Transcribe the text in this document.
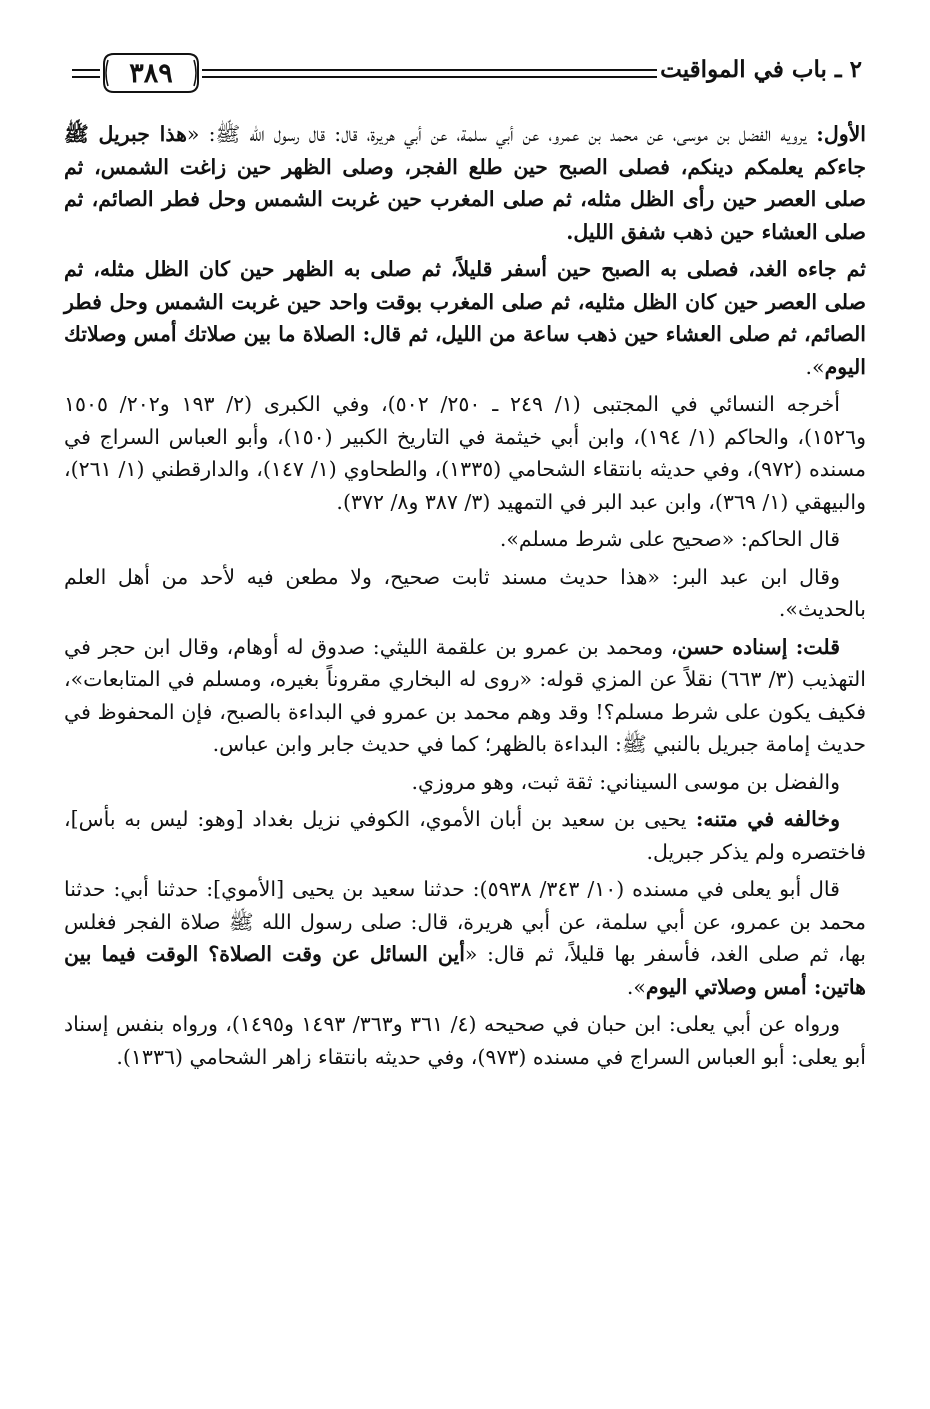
٢ ـ باب في المواقيت
٣٨٩

الأول: يرويه الفضل بن موسى، عن محمد بن عمرو، عن أبي سلمة، عن أبي هريرة، قال: قال رسول الله ﷺ: «هذا جبريل ﷺ جاءكم يعلمكم دينكم، فصلى الصبح حين طلع الفجر، وصلى الظهر حين زاغت الشمس، ثم صلى العصر حين رأى الظل مثله، ثم صلى المغرب حين غربت الشمس وحل فطر الصائم، ثم صلى العشاء حين ذهب شفق الليل.

ثم جاءه الغد، فصلى به الصبح حين أسفر قليلاً، ثم صلى به الظهر حين كان الظل مثله، ثم صلى العصر حين كان الظل مثليه، ثم صلى المغرب بوقت واحد حين غربت الشمس وحل فطر الصائم، ثم صلى العشاء حين ذهب ساعة من الليل، ثم قال: الصلاة ما بين صلاتك أمس وصلاتك اليوم».

أخرجه النسائي في المجتبى (١/ ٢٤٩ ـ ٢٥٠/ ٥٠٢)، وفي الكبرى (٢/ ١٩٣ و٢٠٢/ ١٥٠٥ و١٥٢٦)، والحاكم (١/ ١٩٤)، وابن أبي خيثمة في التاريخ الكبير (١٥٠)، وأبو العباس السراج في مسنده (٩٧٢)، وفي حديثه بانتقاء الشحامي (١٣٣٥)، والطحاوي (١/ ١٤٧)، والدارقطني (١/ ٢٦١)، والبيهقي (١/ ٣٦٩)، وابن عبد البر في التمهيد (٣/ ٣٨٧ و٨/ ٣٧٢).

قال الحاكم: «صحيح على شرط مسلم».

وقال ابن عبد البر: «هذا حديث مسند ثابت صحيح، ولا مطعن فيه لأحد من أهل العلم بالحديث».

قلت: إسناده حسن، ومحمد بن عمرو بن علقمة الليثي: صدوق له أوهام، وقال ابن حجر في التهذيب (٣/ ٦٦٣) نقلاً عن المزي قوله: «روى له البخاري مقروناً بغيره، ومسلم في المتابعات»، فكيف يكون على شرط مسلم؟! وقد وهم محمد بن عمرو في البداءة بالصبح، فإن المحفوظ في حديث إمامة جبريل بالنبي ﷺ: البداءة بالظهر؛ كما في حديث جابر وابن عباس.

والفضل بن موسى السيناني: ثقة ثبت، وهو مروزي.

وخالفه في متنه: يحيى بن سعيد بن أبان الأموي، الكوفي نزيل بغداد [وهو: ليس به بأس]، فاختصره ولم يذكر جبريل.

قال أبو يعلى في مسنده (١٠/ ٣٤٣/ ٥٩٣٨): حدثنا سعيد بن يحيى [الأموي]: حدثنا أبي: حدثنا محمد بن عمرو، عن أبي سلمة، عن أبي هريرة، قال: صلى رسول الله ﷺ صلاة الفجر فغلس بها، ثم صلى الغد، فأسفر بها قليلاً، ثم قال: «أين السائل عن وقت الصلاة؟ الوقت فيما بين هاتين: أمس وصلاتي اليوم».

ورواه عن أبي يعلى: ابن حبان في صحيحه (٤/ ٣٦١ و٣٦٣/ ١٤٩٣ و١٤٩٥)، ورواه بنفس إسناد أبو يعلى: أبو العباس السراج في مسنده (٩٧٣)، وفي حديثه بانتقاء زاهر الشحامي (١٣٣٦).
